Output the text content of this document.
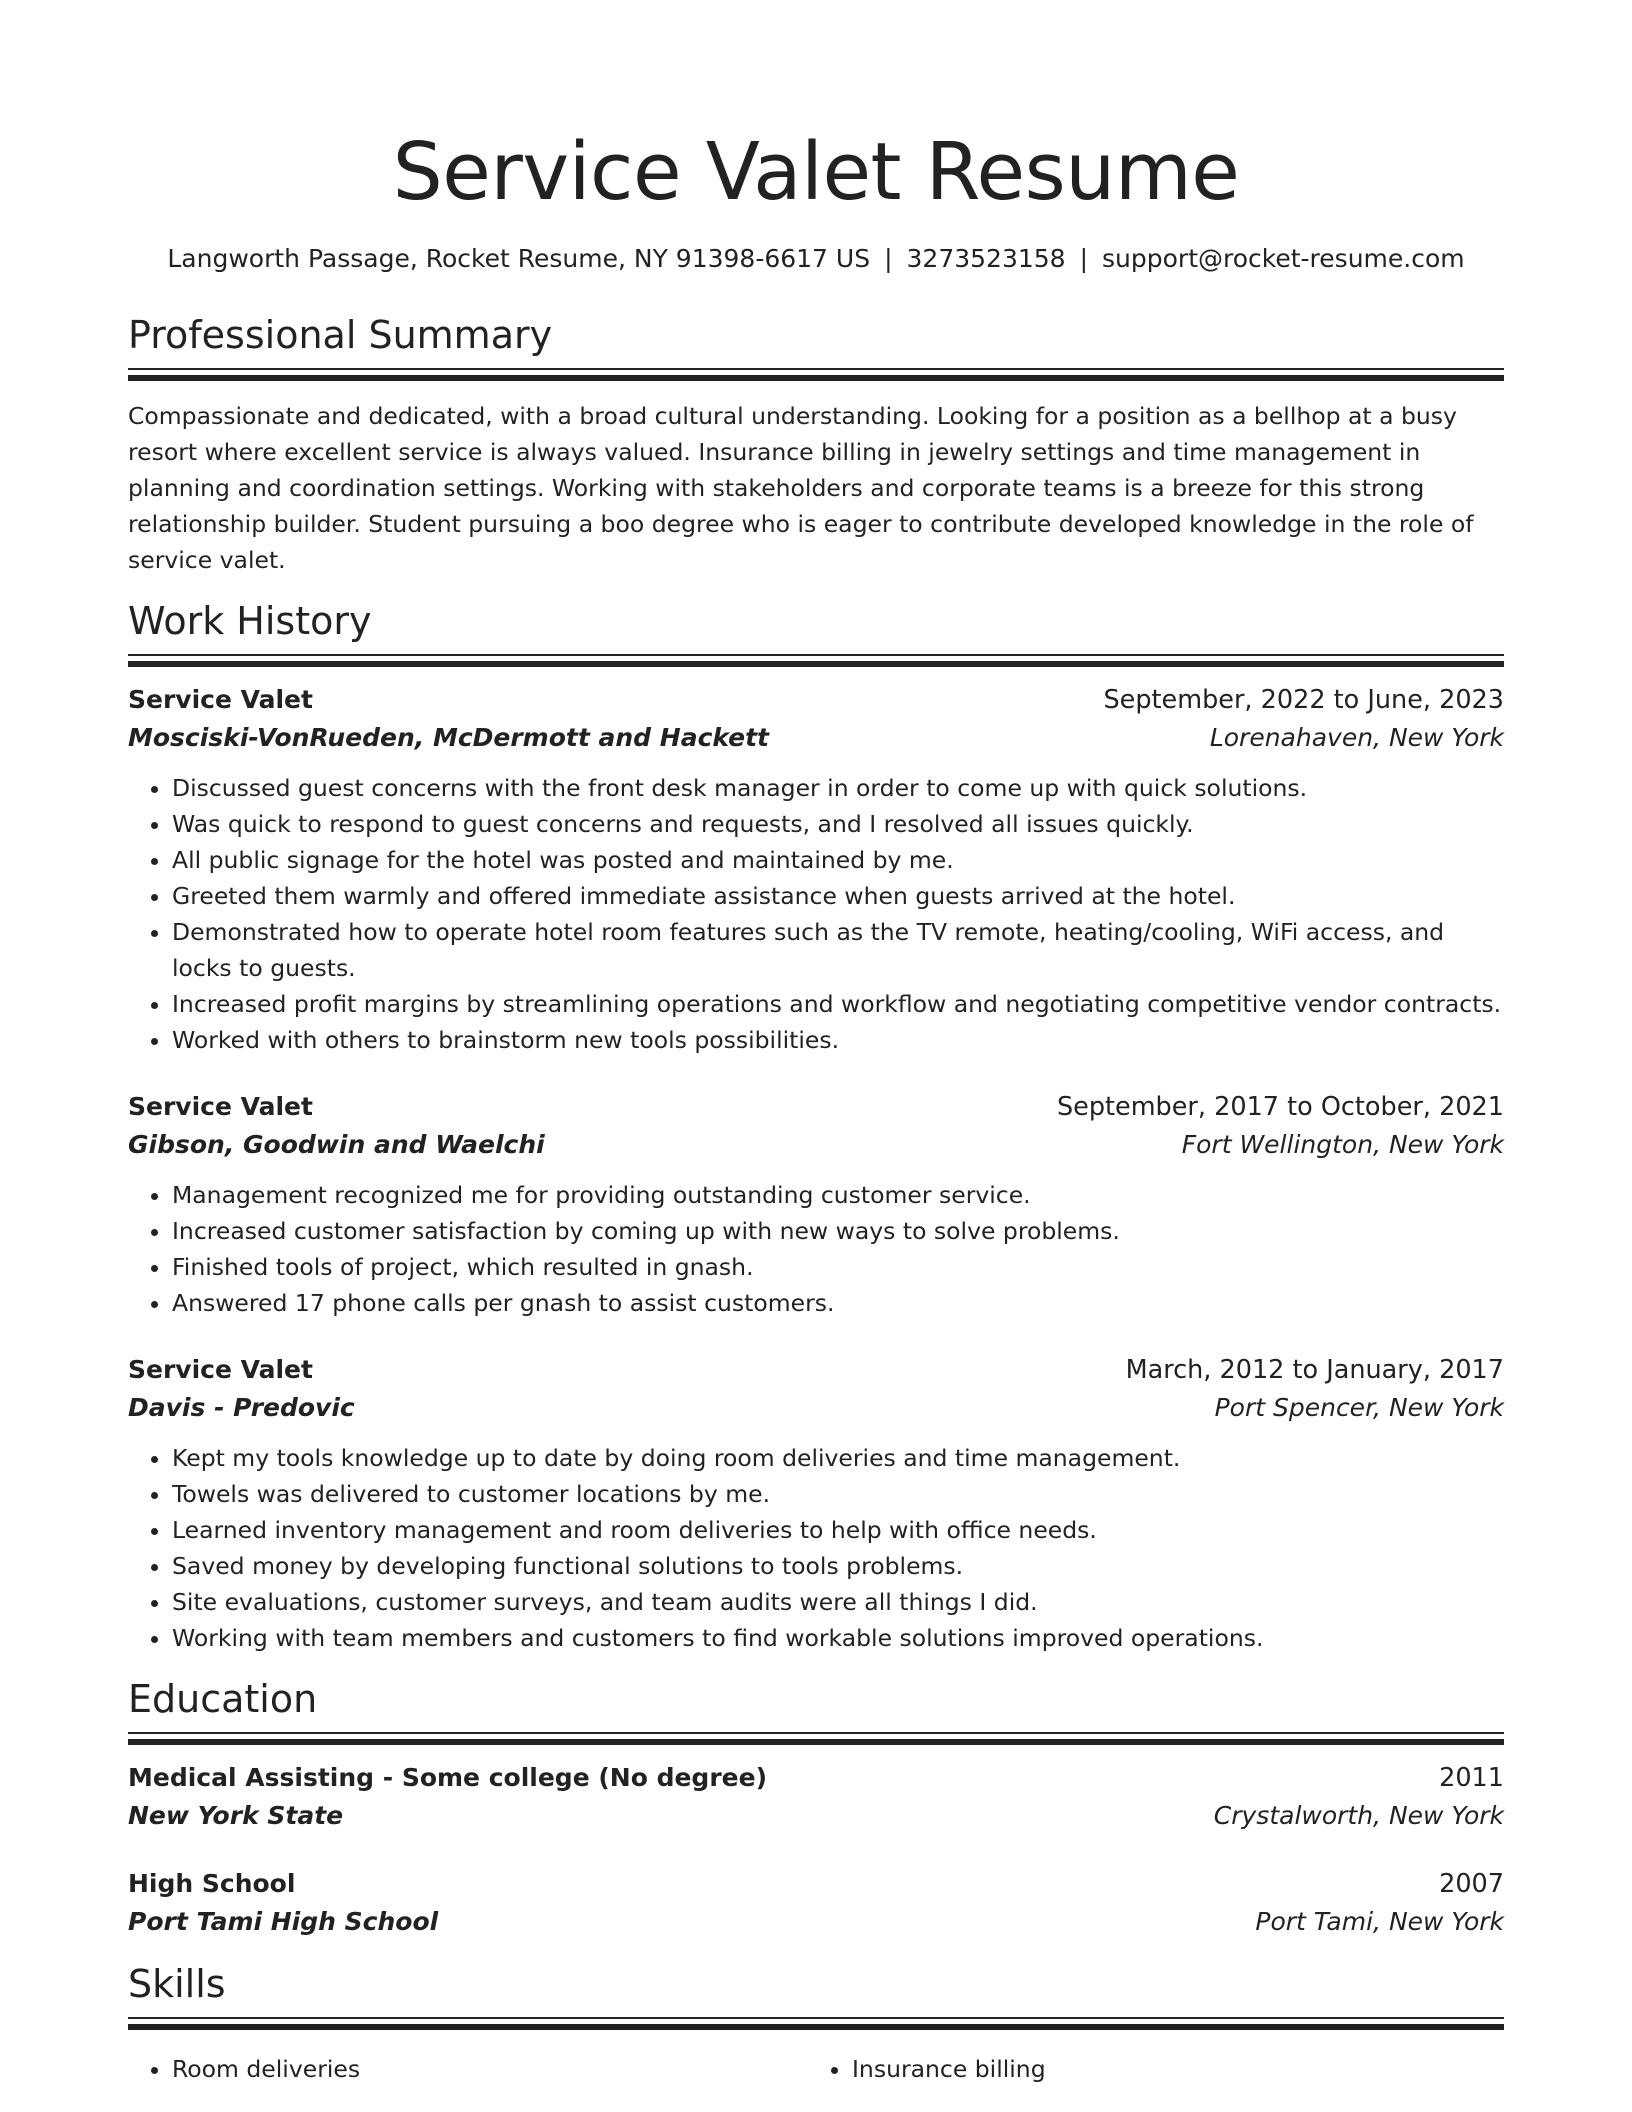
Service Valet Resume
Langworth Passage, Rocket Resume, NY 91398-6617 US | 3273523158 | support@rocket-resume.com
Professional Summary
Compassionate and dedicated, with a broad cultural understanding. Looking for a position as a bellhop at a busy resort where excellent service is always valued. Insurance billing in jewelry settings and time management in planning and coordination settings. Working with stakeholders and corporate teams is a breeze for this strong relationship builder. Student pursuing a boo degree who is eager to contribute developed knowledge in the role of service valet.
Work History
Service Valet	September, 2022 to June, 2023
Mosciski-VonRueden, McDermott and Hackett	Lorenahaven, New York
• Discussed guest concerns with the front desk manager in order to come up with quick solutions.
• Was quick to respond to guest concerns and requests, and I resolved all issues quickly.
• All public signage for the hotel was posted and maintained by me.
• Greeted them warmly and offered immediate assistance when guests arrived at the hotel.
• Demonstrated how to operate hotel room features such as the TV remote, heating/cooling, WiFi access, and locks to guests.
• Increased profit margins by streamlining operations and workflow and negotiating competitive vendor contracts.
• Worked with others to brainstorm new tools possibilities.
Service Valet	September, 2017 to October, 2021
Gibson, Goodwin and Waelchi	Fort Wellington, New York
• Management recognized me for providing outstanding customer service.
• Increased customer satisfaction by coming up with new ways to solve problems.
• Finished tools of project, which resulted in gnash.
• Answered 17 phone calls per gnash to assist customers.
Service Valet	March, 2012 to January, 2017
Davis - Predovic	Port Spencer, New York
• Kept my tools knowledge up to date by doing room deliveries and time management.
• Towels was delivered to customer locations by me.
• Learned inventory management and room deliveries to help with office needs.
• Saved money by developing functional solutions to tools problems.
• Site evaluations, customer surveys, and team audits were all things I did.
• Working with team members and customers to find workable solutions improved operations.
Education
Medical Assisting - Some college (No degree)	2011
New York State	Crystalworth, New York
High School	2007
Port Tami High School	Port Tami, New York
Skills
• Room deliveries
•	Insurance billing
